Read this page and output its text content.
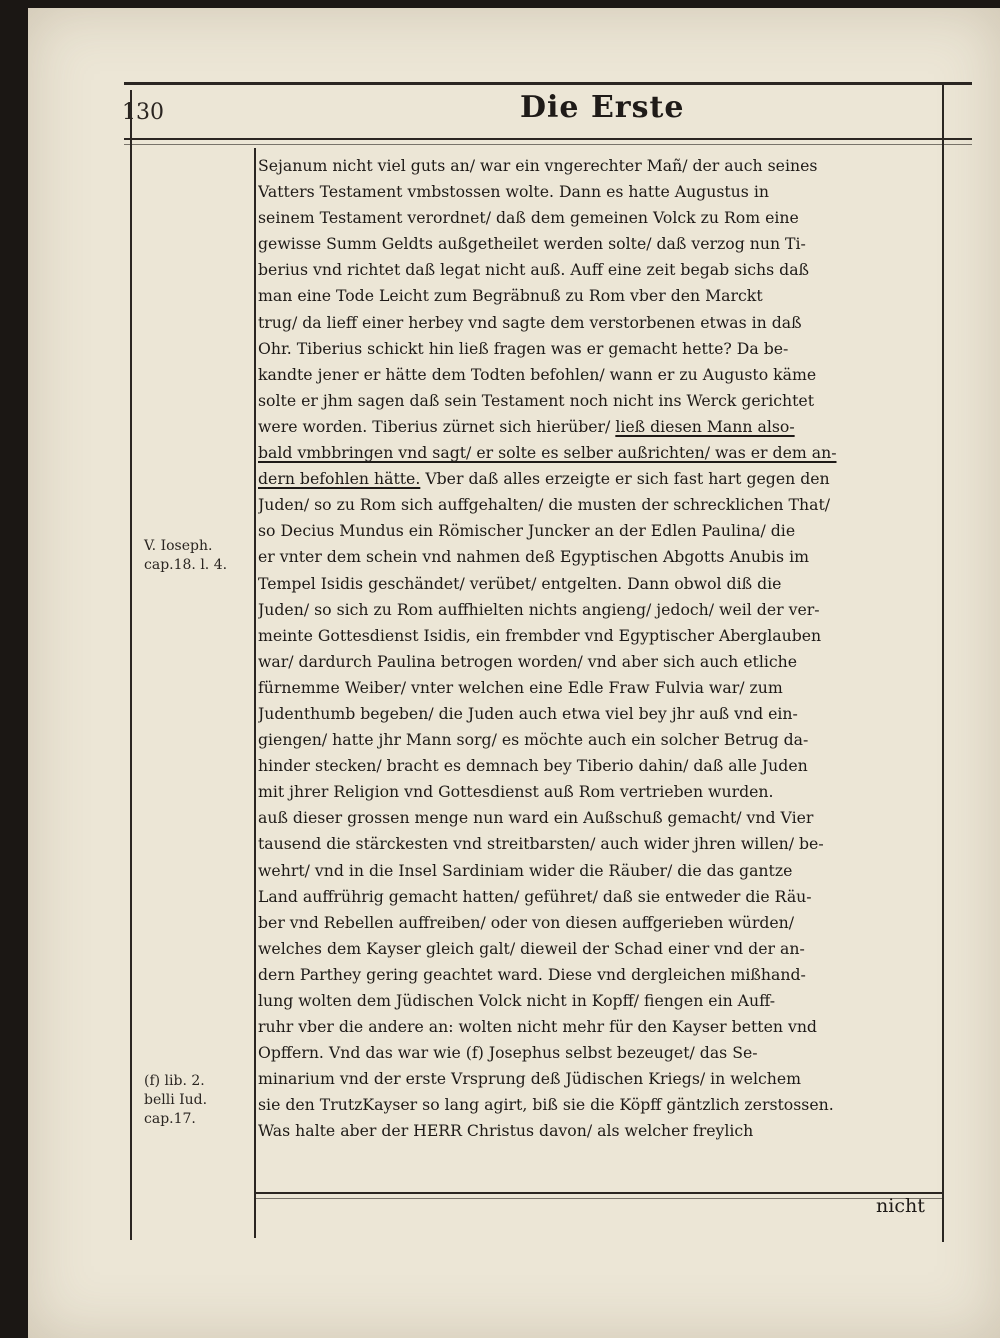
130	Die Erste
V. Ioseph.
cap.18. l. 4.
(f) lib. 2.
belli Iud.
cap.17.
Sejanum nicht viel guts an/ war ein vngerechter Mañ/ der auch seines
Vatters Testament vmbstossen wolte. Dann es hatte Augustus in
seinem Testament verordnet/ daß dem gemeinen Volck zu Rom eine
gewisse Summ Geldts außgetheilet werden solte/ daß verzog nun Ti-
berius vnd richtet daß legat nicht auß. Auff eine zeit begab sichs daß
man eine Tode Leicht zum Begräbnuß zu Rom vber den Marckt
trug/ da lieff einer herbey vnd sagte dem verstorbenen etwas in daß
Ohr. Tiberius schickt hin ließ fragen was er gemacht hette? Da be-
kandte jener er hätte dem Todten befohlen/ wann er zu Augusto käme
solte er jhm sagen daß sein Testament noch nicht ins Werck gerichtet
were worden. Tiberius zürnet sich hierüber/ ließ diesen Mann also-
bald vmbbringen vnd sagt/ er solte es selber außrichten/ was er dem an-
dern befohlen hätte. Vber daß alles erzeigte er sich fast hart gegen den
Juden/ so zu Rom sich auffgehalten/ die musten der schrecklichen That/
so Decius Mundus ein Römischer Juncker an der Edlen Paulina/ die
er vnter dem schein vnd nahmen deß Egyptischen Abgotts Anubis im
Tempel Isidis geschändet/ verübet/ entgelten. Dann obwol diß die
Juden/ so sich zu Rom auffhielten nichts angieng/ jedoch/ weil der ver-
meinte Gottesdienst Isidis, ein frembder vnd Egyptischer Aberglauben
war/ dardurch Paulina betrogen worden/ vnd aber sich auch etliche
fürnemme Weiber/ vnter welchen eine Edle Fraw Fulvia war/ zum
Judenthumb begeben/ die Juden auch etwa viel bey jhr auß vnd ein-
giengen/ hatte jhr Mann sorg/ es möchte auch ein solcher Betrug da-
hinder stecken/ bracht es demnach bey Tiberio dahin/ daß alle Juden
mit jhrer Religion vnd Gottesdienst auß Rom vertrieben wurden.
auß dieser grossen menge nun ward ein Außschuß gemacht/ vnd Vier
tausend die stärckesten vnd streitbarsten/ auch wider jhren willen/ be-
wehrt/ vnd in die Insel Sardiniam wider die Räuber/ die das gantze
Land auffrührig gemacht hatten/ geführet/ daß sie entweder die Räu-
ber vnd Rebellen auffreiben/ oder von diesen auffgerieben würden/
welches dem Kayser gleich galt/ dieweil der Schad einer vnd der an-
dern Parthey gering geachtet ward. Diese vnd dergleichen mißhand-
lung wolten dem Jüdischen Volck nicht in Kopff/ fiengen ein Auff-
ruhr vber die andere an: wolten nicht mehr für den Kayser betten vnd
Opffern. Vnd das war wie (f) Josephus selbst bezeuget/ das Se-
minarium vnd der erste Vrsprung deß Jüdischen Kriegs/ in welchem
sie den TrutzKayser so lang agirt, biß sie die Köpff gäntzlich zerstossen.
Was halte aber der HERR Christus davon/ als welcher freylich
nicht
